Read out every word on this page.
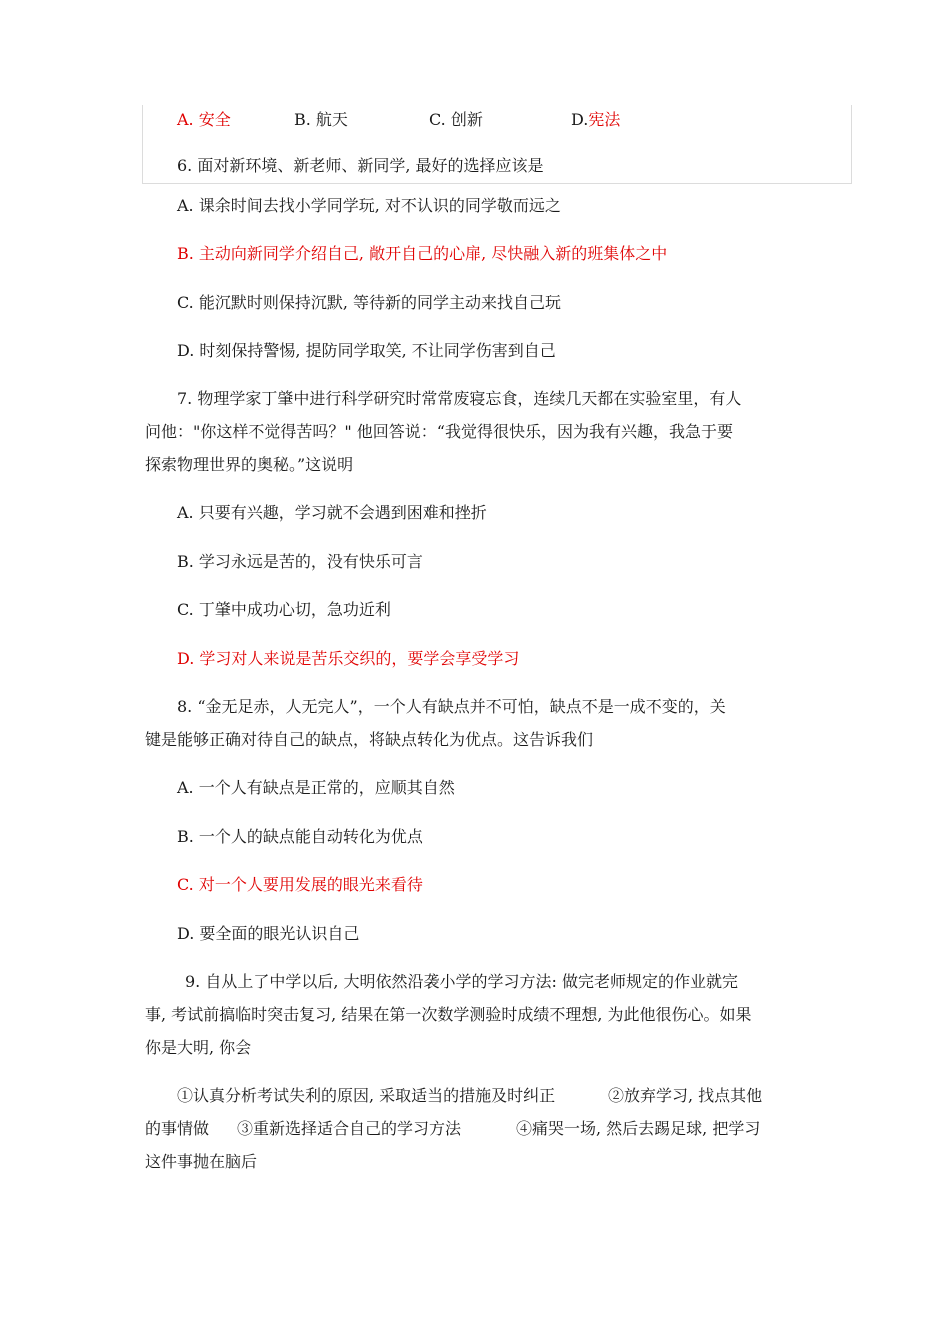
A. 安全	B. 航天	C. 创新	D.宪法
6. 面对新环境、新老师、新同学, 最好的选择应该是
A. 课余时间去找小学同学玩, 对不认识的同学敬而远之
B. 主动向新同学介绍自己, 敞开自己的心扉, 尽快融入新的班集体之中
C. 能沉默时则保持沉默, 等待新的同学主动来找自己玩
D. 时刻保持警惕, 提防同学取笑, 不让同学伤害到自己
7. 物理学家丁肇中进行科学研究时常常废寝忘食，连续几天都在实验室里，有人
问他："你这样不觉得苦吗？" 他回答说：“我觉得很快乐，因为我有兴趣，我急于要
探索物理世界的奥秘。”这说明
A. 只要有兴趣，学习就不会遇到困难和挫折
B. 学习永远是苦的，没有快乐可言
C. 丁肇中成功心切，急功近利
D. 学习对人来说是苦乐交织的，要学会享受学习
8. “金无足赤，人无完人”，一个人有缺点并不可怕，缺点不是一成不变的，关
键是能够正确对待自己的缺点，将缺点转化为优点。这告诉我们
A. 一个人有缺点是正常的，应顺其自然
B. 一个人的缺点能自动转化为优点
C. 对一个人要用发展的眼光来看待
D. 要全面的眼光认识自己
9. 自从上了中学以后, 大明依然沿袭小学的学习方法: 做完老师规定的作业就完
事, 考试前搞临时突击复习, 结果在第一次数学测验时成绩不理想, 为此他很伤心。如果
你是大明, 你会
①认真分析考试失利的原因, 采取适当的措施及时纠正	②放弃学习, 找点其他
的事情做 ③重新选择适合自己的学习方法	④痛哭一场, 然后去踢足球, 把学习
这件事抛在脑后
